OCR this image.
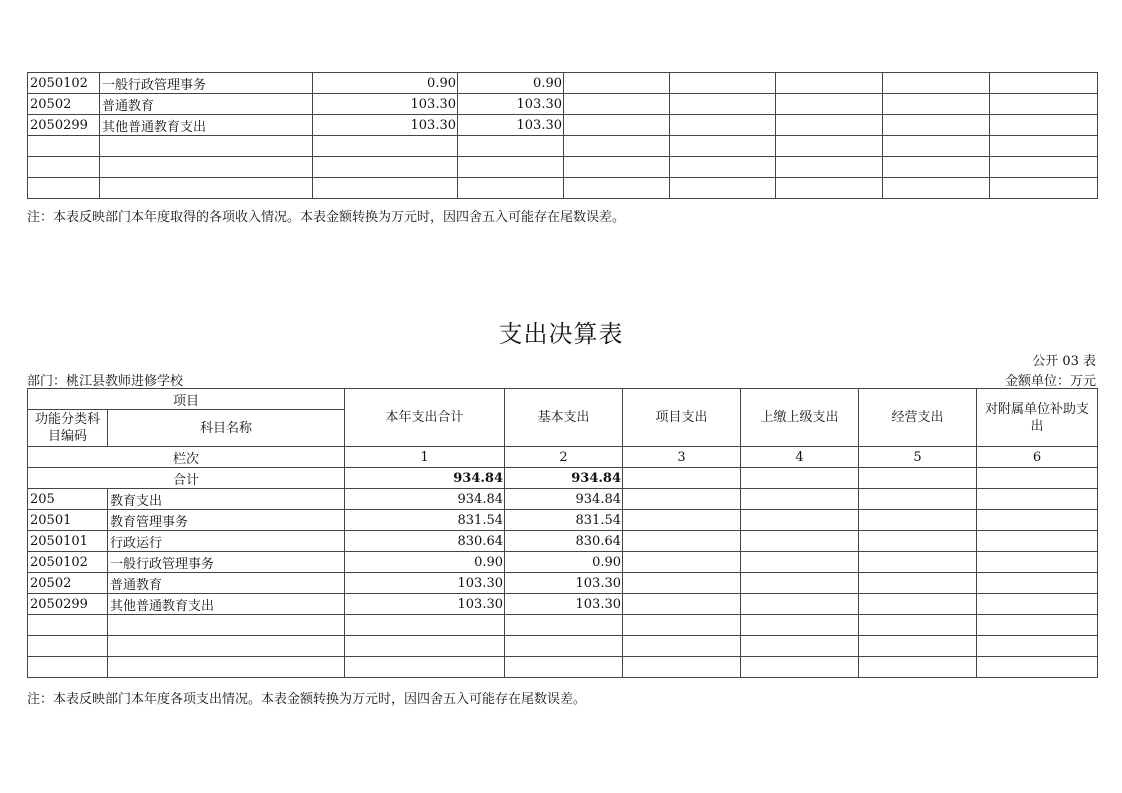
2050102	一般行政管理事务	0.90	0.90					
20502	普通教育	103.30	103.30					
2050299	其他普通教育支出	103.30	103.30					

注：本表反映部门本年度取得的各项收入情况。本表金额转换为万元时，因四舍五入可能存在尾数误差。
支出决算表
公开 03 表
部门：桃江县教师进修学校	金额单位：万元
项目		本年支出合计	基本支出	项目支出	上缴上级支出	经营支出	对附属单位补助支出
功能分类科目编码	科目名称						
栏次		1	2	3	4	5	6
合计		934.84	934.84				
205	教育支出	934.84	934.84				
20501	教育管理事务	831.54	831.54				
2050101	行政运行	830.64	830.64				
2050102	一般行政管理事务	0.90	0.90				
20502	普通教育	103.30	103.30				
2050299	其他普通教育支出	103.30	103.30				

注：本表反映部门本年度各项支出情况。本表金额转换为万元时，因四舍五入可能存在尾数误差。
